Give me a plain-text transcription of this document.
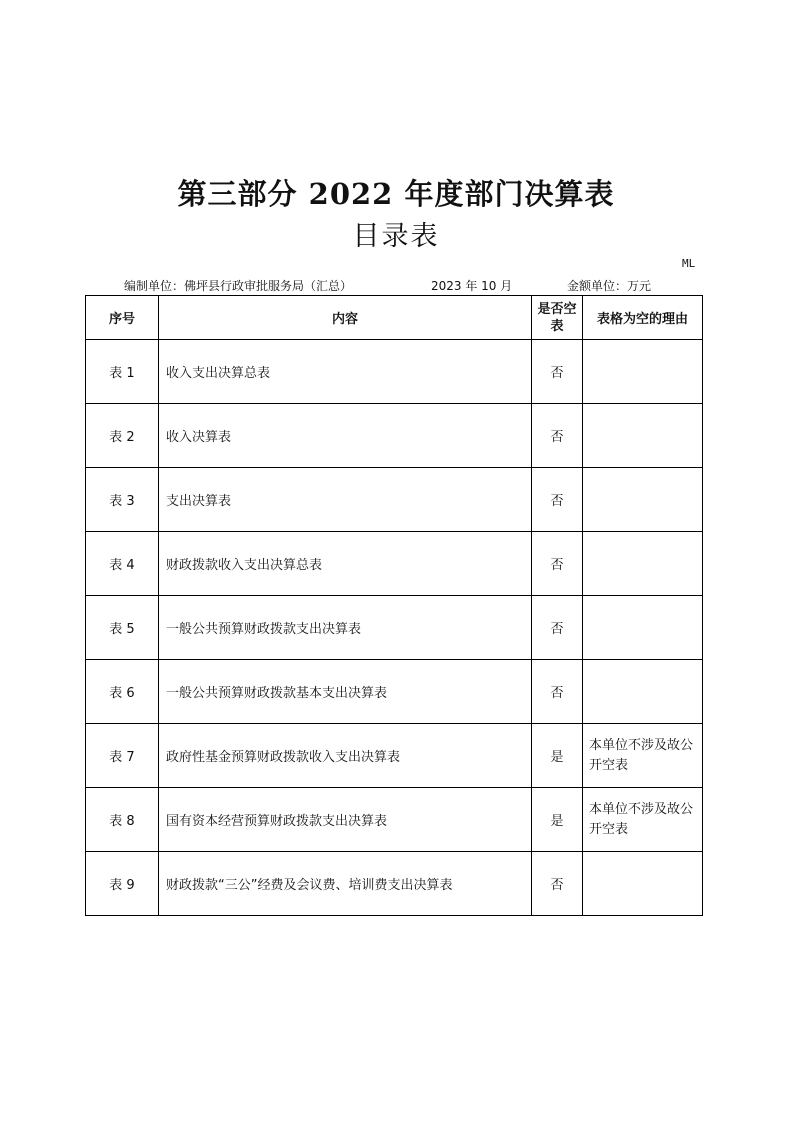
第三部分 2022 年度部门决算表
目录表
ML
编制单位：佛坪县行政审批服务局（汇总）	2023 年 10 月	金额单位：万元
序号	内容	是否空表	表格为空的理由
表 1	收入支出决算总表	否	
表 2	收入决算表	否	
表 3	支出决算表	否	
表 4	财政拨款收入支出决算总表	否	
表 5	一般公共预算财政拨款支出决算表	否	
表 6	一般公共预算财政拨款基本支出决算表	否	
表 7	政府性基金预算财政拨款收入支出决算表	是	本单位不涉及故公开空表
表 8	国有资本经营预算财政拨款支出决算表	是	本单位不涉及故公开空表
表 9	财政拨款“三公”经费及会议费、培训费支出决算表	否	
